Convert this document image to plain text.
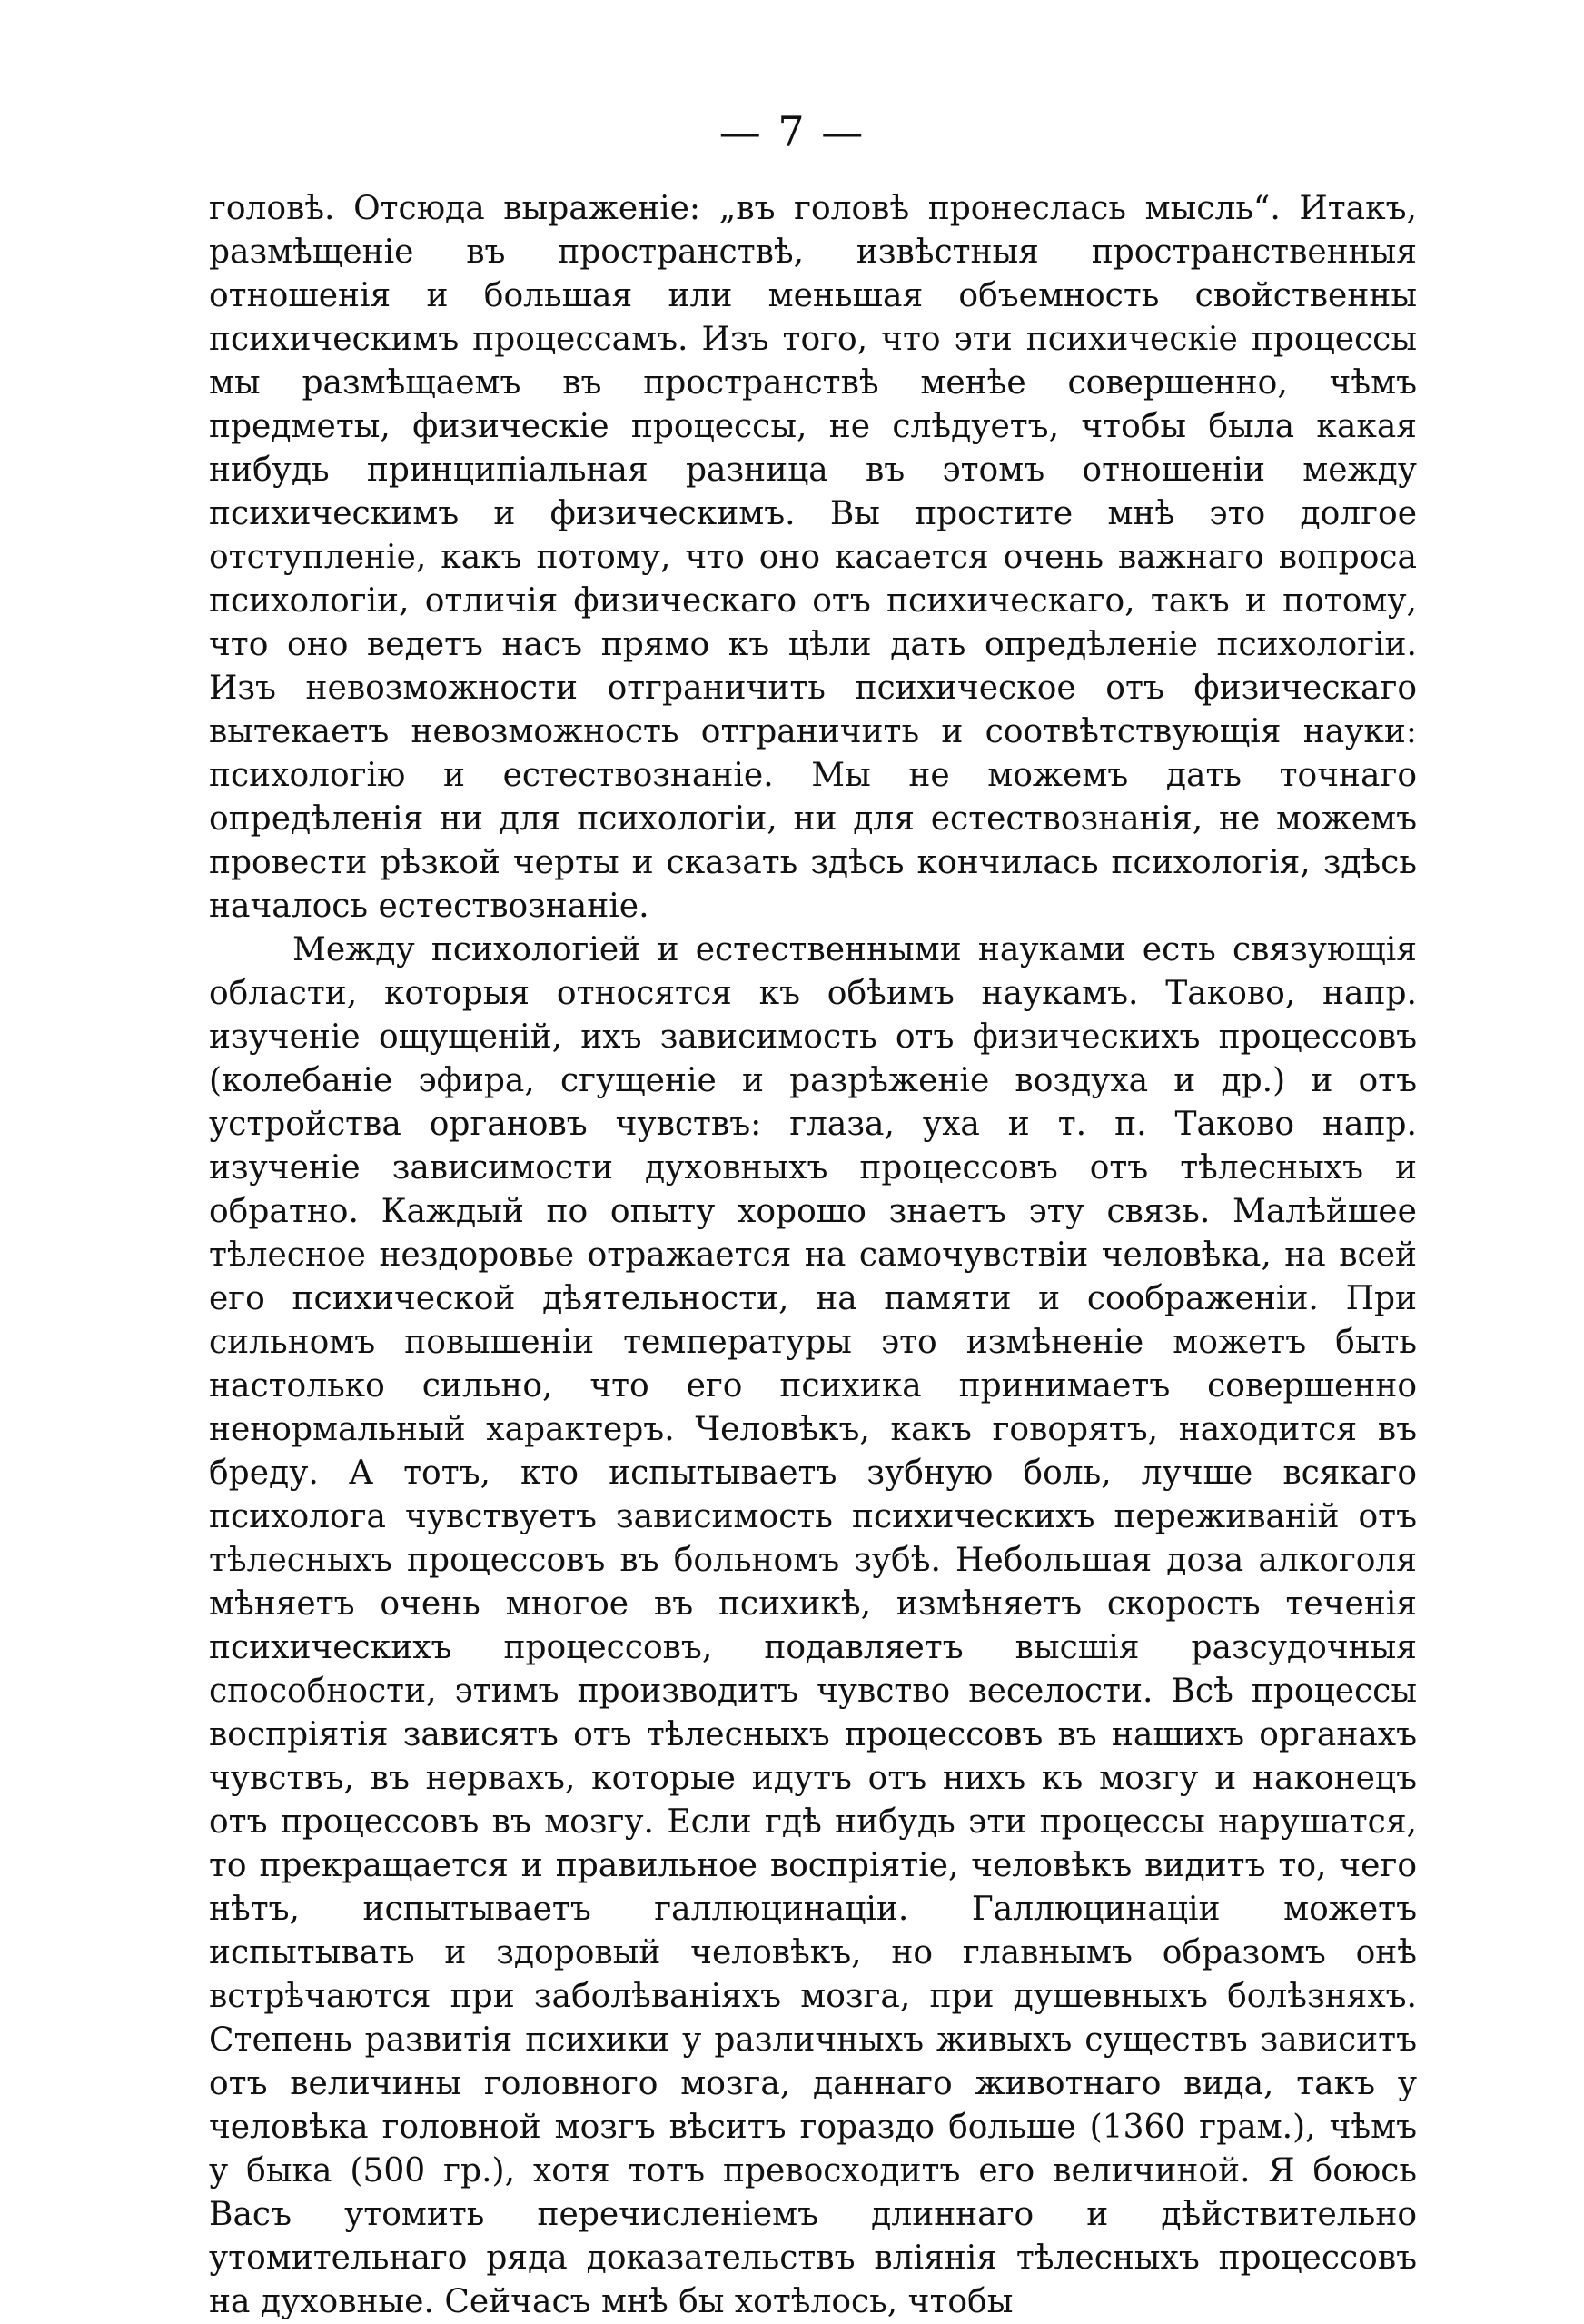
— 7 —

головѣ. Отсюда выраженіе: „въ головѣ пронеслась мысль“. Итакъ, размѣщеніе въ пространствѣ, извѣстныя пространственныя отношенія и большая или меньшая объемность свойственны психическимъ процессамъ. Изъ того, что эти психическіе процессы мы размѣщаемъ въ пространствѣ менѣе совершенно, чѣмъ предметы, физическіе процессы, не слѣдуетъ, чтобы была какая нибудь принципіальная разница въ этомъ отношеніи между психическимъ и физическимъ. Вы простите мнѣ это долгое отступленіе, какъ потому, что оно касается очень важнаго вопроса психологіи, отличія физическаго отъ психическаго, такъ и потому, что оно ведетъ насъ прямо къ цѣли дать опредѣленіе психологіи. Изъ невозможности отграничить психическое отъ физическаго вытекаетъ невозможность отграничить и соотвѣтствующія науки: психологію и естествознаніе. Мы не можемъ дать точнаго опредѣленія ни для психологіи, ни для естествознанія, не можемъ провести рѣзкой черты и сказать здѣсь кончилась психологія, здѣсь началось естествознаніе.

Между психологіей и естественными науками есть связующія области, которыя относятся къ обѣимъ наукамъ. Таково, напр. изученіе ощущеній, ихъ зависимость отъ физическихъ процессовъ (колебаніе эфира, сгущеніе и разрѣженіе воздуха и др.) и отъ устройства органовъ чувствъ: глаза, уха и т. п. Таково напр. изученіе зависимости духовныхъ процессовъ отъ тѣлесныхъ и обратно. Каждый по опыту хорошо знаетъ эту связь. Малѣйшее тѣлесное нездоровье отражается на самочувствіи человѣка, на всей его психической дѣятельности, на памяти и соображеніи. При сильномъ повышеніи температуры это измѣненіе можетъ быть настолько сильно, что его психика принимаетъ совершенно ненормальный характеръ. Человѣкъ, какъ говорятъ, находится въ бреду. А тотъ, кто испытываетъ зубную боль, лучше всякаго психолога чувствуетъ зависимость психическихъ переживаній отъ тѣлесныхъ процессовъ въ больномъ зубѣ. Небольшая доза алкоголя мѣняетъ очень многое въ психикѣ, измѣняетъ скорость теченія психическихъ процессовъ, подавляетъ высшія разсудочныя способности, этимъ производитъ чувство веселости. Всѣ процессы воспріятія зависятъ отъ тѣлесныхъ процессовъ въ нашихъ органахъ чувствъ, въ нервахъ, которые идутъ отъ нихъ къ мозгу и наконецъ отъ процессовъ въ мозгу. Если гдѣ нибудь эти процессы нарушатся, то прекращается и правильное воспріятіе, человѣкъ видитъ то, чего нѣтъ, испытываетъ галлюцинаціи. Галлюцинаціи можетъ испытывать и здоровый человѣкъ, но главнымъ образомъ онѣ встрѣчаются при заболѣваніяхъ мозга, при душевныхъ болѣзняхъ. Степень развитія психики у различныхъ живыхъ существъ зависитъ отъ величины головного мозга, даннаго животнаго вида, такъ у человѣка головной мозгъ вѣситъ гораздо больше (1360 грам.), чѣмъ у быка (500 гр.), хотя тотъ превосходитъ его величиной. Я боюсь Васъ утомить перечисленіемъ длиннаго и дѣйствительно утомительнаго ряда доказательствъ вліянія тѣлесныхъ процессовъ на духовные. Сейчасъ мнѣ бы хотѣлось, чтобы
